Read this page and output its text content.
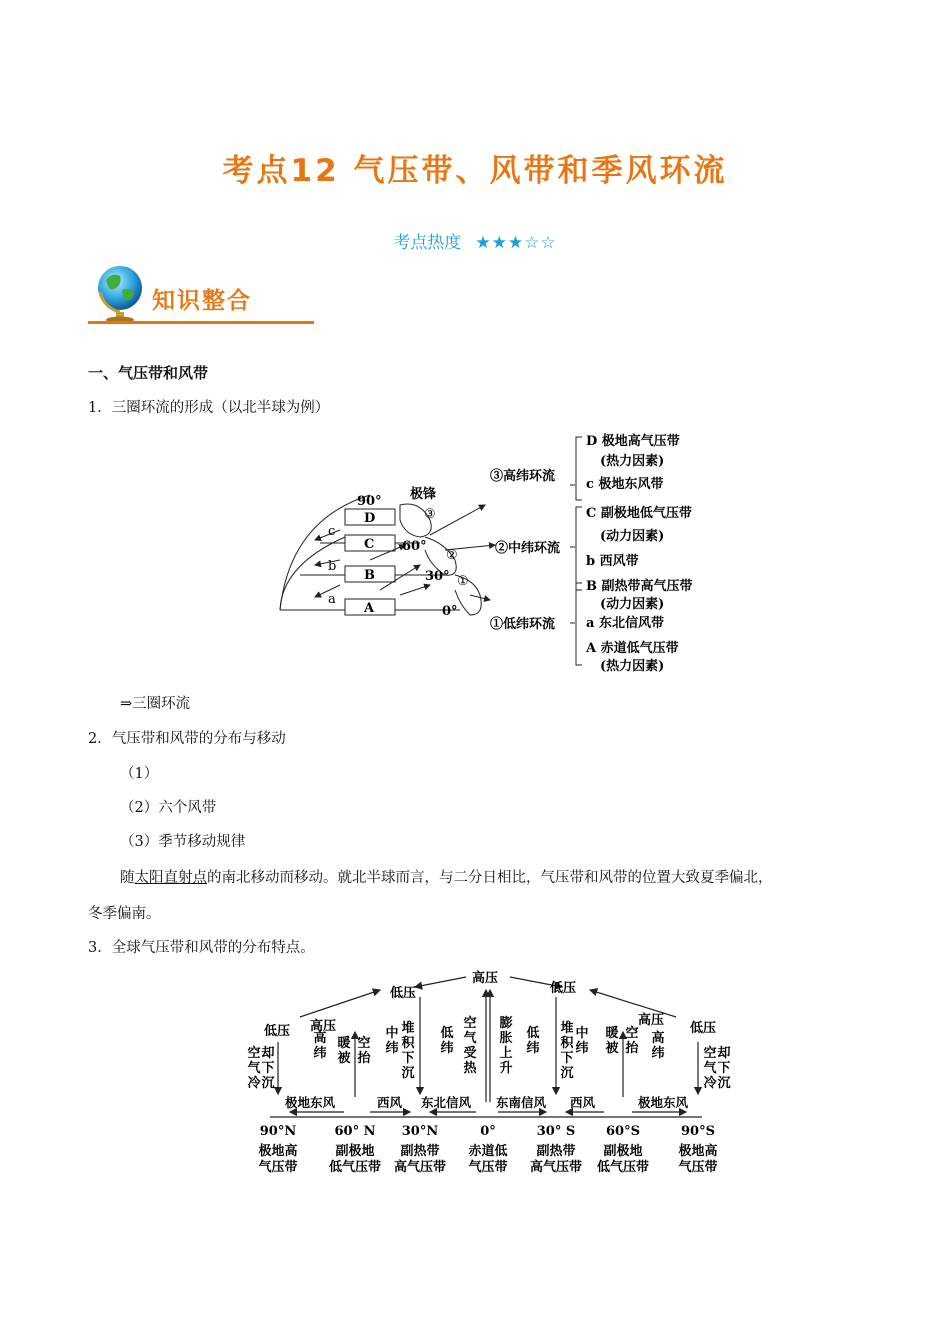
考点12 气压带、风带和季风环流
考点热度 ★★★☆☆
知识整合
一、气压带和风带
1．三圈环流的形成（以北半球为例）
90°
60°
30°
0°
D
C
B
A
c
b
a
极锋
③
②
①
③高纬环流
②中纬环流
①低纬环流
D 极地高气压带
(热力因素)
c 极地东风带
C 副极地低气压带
(动力因素)
b 西风带
B 副热带高气压带
(动力因素)
a 东北信风带
A 赤道低气压带
(热力因素)
⇒三圈环流
2．气压带和风带的分布与移动
（1）
（2）六个风带
（3）季节移动规律
随太阳直射点的南北移动而移动。就北半球而言，与二分日相比，气压带和风带的位置大致夏季偏北，
冬季偏南。
3．全球气压带和风带的分布特点。
高压
低压	低压
低压	低压
高压	高压
极地东风	西风 东北信风 东南信风 西风	极地东风
90°N	60° N 30°N	0°	30° S 60°S	90°S
极地高
气压带
副极地
低气压带
副热带
高气压带
赤道低
气压带
副热带
高气压带
副极地
低气压带
极地高
气压带
高
纬
高
纬
中
纬
中
纬
堆
积
下
沉
堆
积
下
沉
低
纬
低
纬
空
气
受
热
膨
胀
上
升
暖
被
空
抬
暖
被
空
抬
空
气
冷
却
下
沉
空
气
冷
却
下
沉
